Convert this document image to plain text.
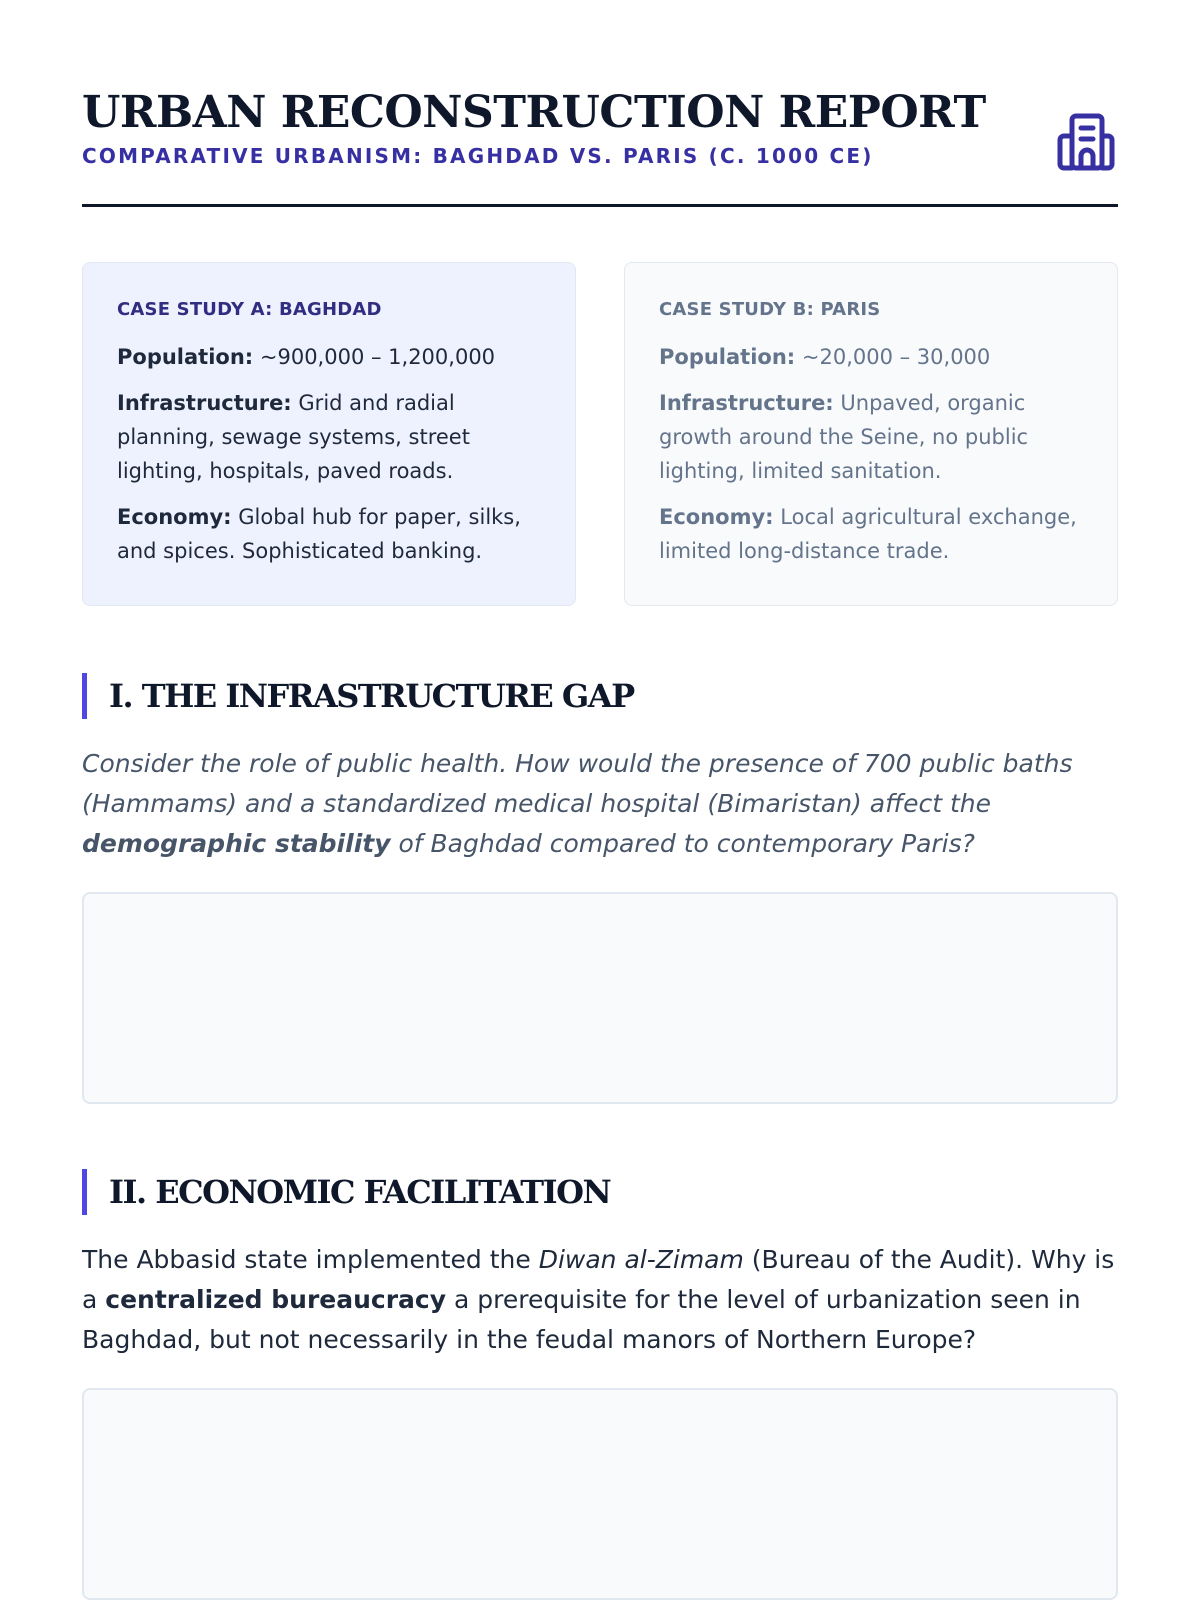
URBAN RECONSTRUCTION REPORT
COMPARATIVE URBANISM: BAGHDAD VS. PARIS (C. 1000 CE)
CASE STUDY A: BAGHDAD

Population: ~900,000 – 1,200,000

Infrastructure: Grid and radial planning, sewage systems, street lighting, hospitals, paved roads.

Economy: Global hub for paper, silks, and spices. Sophisticated banking.

CASE STUDY B: PARIS

Population: ~20,000 – 30,000

Infrastructure: Unpaved, organic growth around the Seine, no public lighting, limited sanitation.

Economy: Local agricultural exchange, limited long-distance trade.

I. THE INFRASTRUCTURE GAP
Consider the role of public health. How would the presence of 700 public baths (Hammams) and a standardized medical hospital (Bimaristan) affect the demographic stability of Baghdad compared to contemporary Paris?
II. ECONOMIC FACILITATION
The Abbasid state implemented the Diwan al-Zimam (Bureau of the Audit). Why is a centralized bureaucracy a prerequisite for the level of urbanization seen in Baghdad, but not necessarily in the feudal manors of Northern Europe?
